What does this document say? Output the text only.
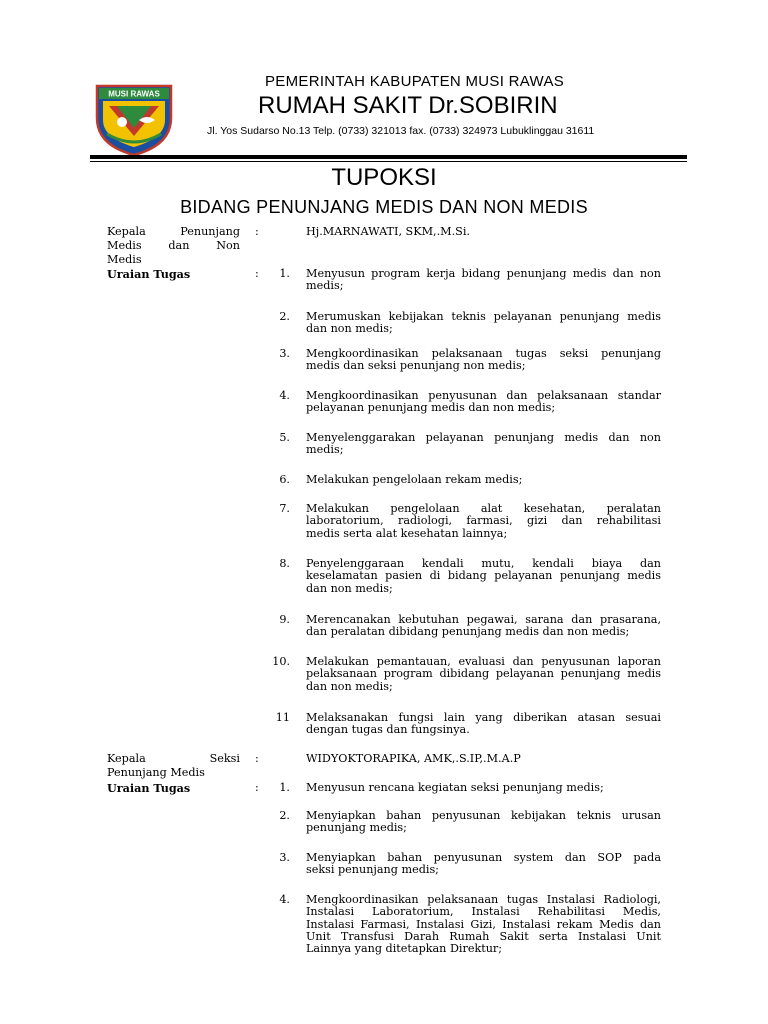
MUSI RAWAS
PEMERINTAH KABUPATEN MUSI RAWAS
RUMAH SAKIT Dr.SOBIRIN
Jl. Yos Sudarso No.13 Telp. (0733) 321013 fax. (0733) 324973 Lubuklinggau 31611
TUPOKSI
BIDANG PENUNJANG MEDIS DAN NON MEDIS
Kepala Penunjang
Medis dan Non
Medis
:	Hj.MARNAWATI, SKM,.M.Si.
Uraian Tugas	:	1. Menyusun program kerja bidang penunjang medis dan non
medis;
2. Merumuskan kebijakan teknis pelayanan penunjang medis
dan non medis;
3. Mengkoordinasikan pelaksanaan tugas seksi penunjang
medis dan seksi penunjang non medis;
4. Mengkoordinasikan penyusunan dan pelaksanaan standar
pelayanan penunjang medis dan non medis;
5. Menyelenggarakan pelayanan penunjang medis dan non
medis;
6. Melakukan pengelolaan rekam medis;
7. Melakukan pengelolaan alat kesehatan, peralatan
laboratorium, radiologi, farmasi, gizi dan rehabilitasi
medis serta alat kesehatan lainnya;
8. Penyelenggaraan kendali mutu, kendali biaya dan
keselamatan pasien di bidang pelayanan penunjang medis
dan non medis;
9. Merencanakan kebutuhan pegawai, sarana dan prasarana,
dan peralatan dibidang penunjang medis dan non medis;
10. Melakukan pemantauan, evaluasi dan penyusunan laporan
pelaksanaan program dibidang pelayanan penunjang medis
dan non medis;
11 Melaksanakan fungsi lain yang diberikan atasan sesuai
dengan tugas dan fungsinya.
Kepala Seksi
Penunjang Medis
:	WIDYOKTORAPIKA, AMK,.S.IP,.M.A.P
Uraian Tugas	:	1. Menyusun rencana kegiatan seksi penunjang medis;
2. Menyiapkan bahan penyusunan kebijakan teknis urusan
penunjang medis;
3. Menyiapkan bahan penyusunan system dan SOP pada
seksi penunjang medis;
4. Mengkoordinasikan pelaksanaan tugas Instalasi Radiologi,
Instalasi Laboratorium, Instalasi Rehabilitasi Medis,
Instalasi Farmasi, Instalasi Gizi, Instalasi rekam Medis dan
Unit Transfusi Darah Rumah Sakit serta Instalasi Unit
Lainnya yang ditetapkan Direktur;
